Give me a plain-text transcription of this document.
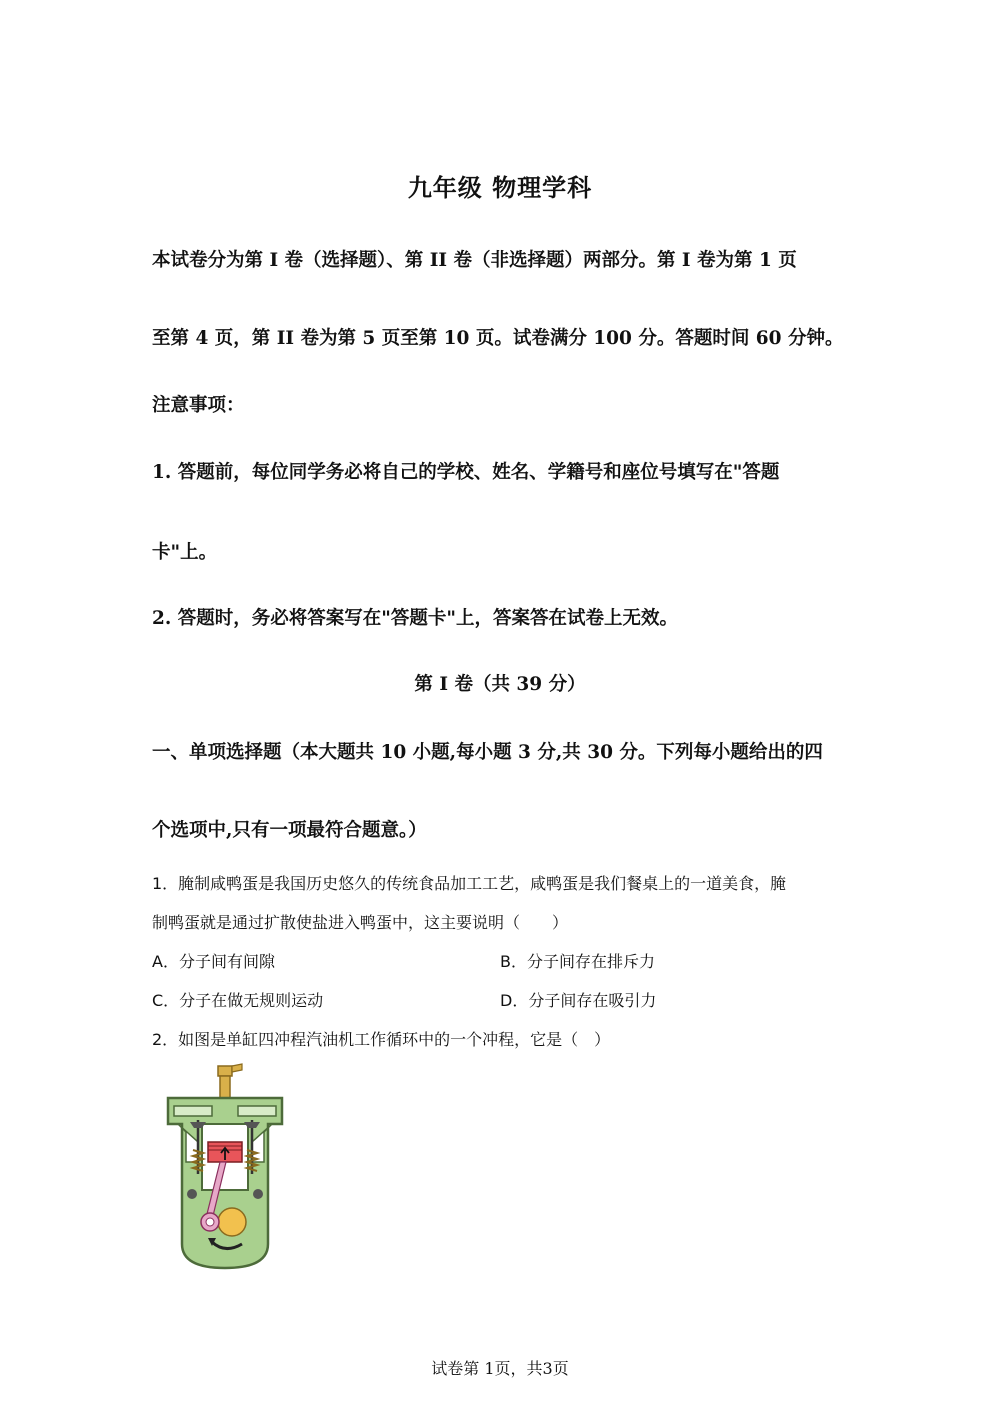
九年级 物理学科
本试卷分为第 I 卷（选择题）、第 II 卷（非选择题）两部分。第 I 卷为第 1 页
至第 4 页，第 II 卷为第 5 页至第 10 页。试卷满分 100 分。答题时间 60 分钟。
注意事项：
1. 答题前，每位同学务必将自己的学校、姓名、学籍号和座位号填写在"答题
卡"上。
2. 答题时，务必将答案写在"答题卡"上，答案答在试卷上无效。
第 I 卷（共 39 分）
一、单项选择题（本大题共 10 小题,每小题 3 分,共 30 分。下列每小题给出的四
个选项中,只有一项最符合题意。）
1．腌制咸鸭蛋是我国历史悠久的传统食品加工工艺，咸鸭蛋是我们餐桌上的一道美食，腌
制鸭蛋就是通过扩散使盐进入鸭蛋中，这主要说明（　　）
A．分子间有间隙	B．分子间存在排斥力
C．分子在做无规则运动	D．分子间存在吸引力
2．如图是单缸四冲程汽油机工作循环中的一个冲程，它是（　）
试卷第 1页，共3页
